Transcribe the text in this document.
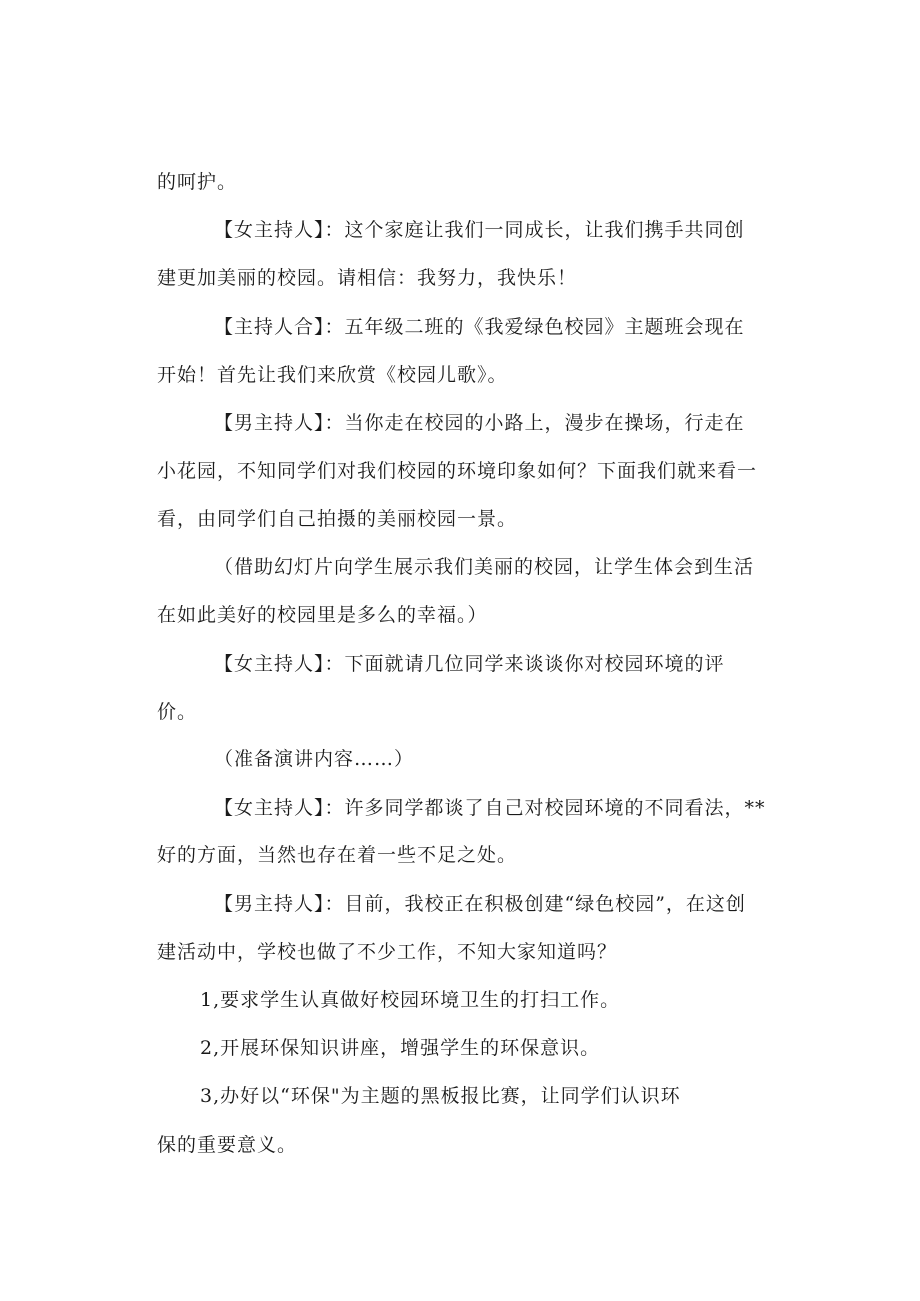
的呵护。
【女主持人】：这个家庭让我们一同成长，让我们携手共同创
建更加美丽的校园。请相信：我努力，我快乐！
【主持人合】：五年级二班的《我爱绿色校园》主题班会现在
开始！首先让我们来欣赏《校园儿歌》。
【男主持人】：当你走在校园的小路上，漫步在操场，行走在
小花园，不知同学们对我们校园的环境印象如何？下面我们就来看一
看，由同学们自己拍摄的美丽校园一景。
（借助幻灯片向学生展示我们美丽的校园，让学生体会到生活
在如此美好的校园里是多么的幸福。）
【女主持人】：下面就请几位同学来谈谈你对校园环境的评
价。
（准备演讲内容……）
【女主持人】：许多同学都谈了自己对校园环境的不同看法，**
好的方面，当然也存在着一些不足之处。
【男主持人】：目前，我校正在积极创建“绿色校园”，在这创
建活动中，学校也做了不少工作，不知大家知道吗？
1,要求学生认真做好校园环境卫生的打扫工作。
2,开展环保知识讲座，增强学生的环保意识。
3,办好以“环保"为主题的黑板报比赛，让同学们认识环
保的重要意义。
